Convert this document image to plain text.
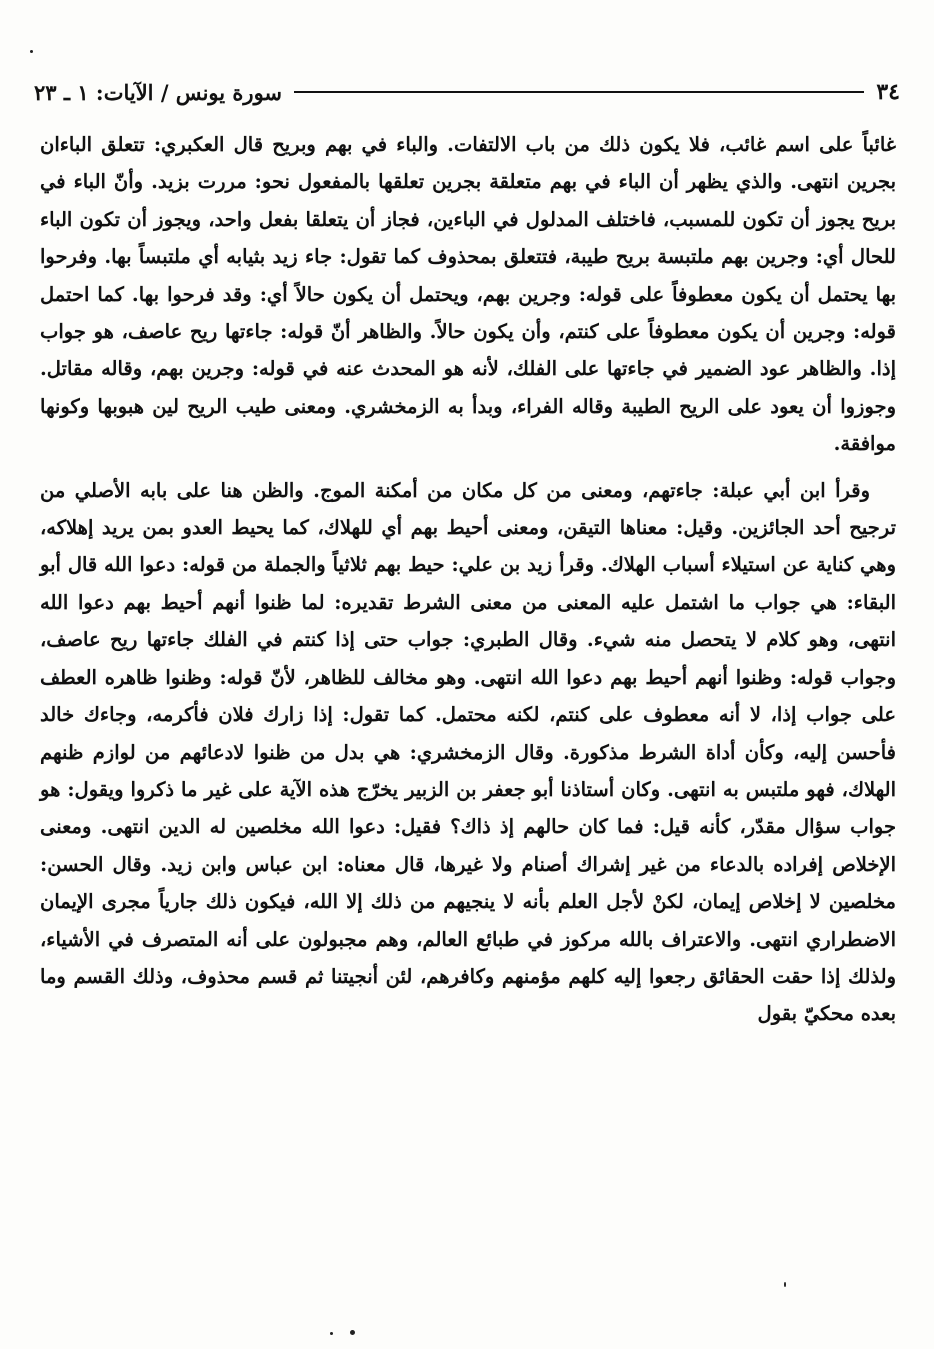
٣٤
سورة يونس / الآيات: ١ ـ ٢٣

غائباً على اسم غائب، فلا يكون ذلك من باب الالتفات. والباء في بهم وبريح قال العكبري: تتعلق الباءان بجرين انتهى. والذي يظهر أن الباء في بهم متعلقة بجرين تعلقها بالمفعول نحو: مررت بزيد. وأنّ الباء في بريح يجوز أن تكون للمسبب، فاختلف المدلول في الباءين، فجاز أن يتعلقا بفعل واحد، ويجوز أن تكون الباء للحال أي: وجرين بهم ملتبسة بريح طيبة، فتتعلق بمحذوف كما تقول: جاء زيد بثيابه أي ملتبساً بها. وفرحوا بها يحتمل أن يكون معطوفاً على قوله: وجرين بهم، ويحتمل أن يكون حالاً أي: وقد فرحوا بها. كما احتمل قوله: وجرين أن يكون معطوفاً على كنتم، وأن يكون حالاً. والظاهر أنّ قوله: جاءتها ريح عاصف، هو جواب إذا. والظاهر عود الضمير في جاءتها على الفلك، لأنه هو المحدث عنه في قوله: وجرين بهم، وقاله مقاتل. وجوزوا أن يعود على الريح الطيبة وقاله الفراء، وبدأ به الزمخشري. ومعنى طيب الريح لين هبوبها وكونها موافقة.

وقرأ ابن أبي عبلة: جاءتهم، ومعنى من كل مكان من أمكنة الموج. والظن هنا على بابه الأصلي من ترجيح أحد الجائزين. وقيل: معناها التيقن، ومعنى أحيط بهم أي للهلاك، كما يحيط العدو بمن يريد إهلاكه، وهي كناية عن استيلاء أسباب الهلاك. وقرأ زيد بن علي: حيط بهم ثلاثياً والجملة من قوله: دعوا الله قال أبو البقاء: هي جواب ما اشتمل عليه المعنى من معنى الشرط تقديره: لما ظنوا أنهم أحيط بهم دعوا الله انتهى، وهو كلام لا يتحصل منه شيء. وقال الطبري: جواب حتى إذا كنتم في الفلك جاءتها ريح عاصف، وجواب قوله: وظنوا أنهم أحيط بهم دعوا الله انتهى. وهو مخالف للظاهر، لأنّ قوله: وظنوا ظاهره العطف على جواب إذا، لا أنه معطوف على كنتم، لكنه محتمل. كما تقول: إذا زارك فلان فأكرمه، وجاءك خالد فأحسن إليه، وكأن أداة الشرط مذكورة. وقال الزمخشري: هي بدل من ظنوا لادعائهم من لوازم ظنهم الهلاك، فهو ملتبس به انتهى. وكان أستاذنا أبو جعفر بن الزبير يخرّج هذه الآية على غير ما ذكروا ويقول: هو جواب سؤال مقدّر، كأنه قيل: فما كان حالهم إذ ذاك؟ فقيل: دعوا الله مخلصين له الدين انتهى. ومعنى الإخلاص إفراده بالدعاء من غير إشراك أصنام ولا غيرها، قال معناه: ابن عباس وابن زيد. وقال الحسن: مخلصين لا إخلاص إيمان، لكنْ لأجل العلم بأنه لا ينجيهم من ذلك إلا الله، فيكون ذلك جارياً مجرى الإيمان الاضطراري انتهى. والاعتراف بالله مركوز في طبائع العالم، وهم مجبولون على أنه المتصرف في الأشياء، ولذلك إذا حقت الحقائق رجعوا إليه كلهم مؤمنهم وكافرهم، لئن أنجيتنا ثم قسم محذوف، وذلك القسم وما بعده محكيّ بقول
